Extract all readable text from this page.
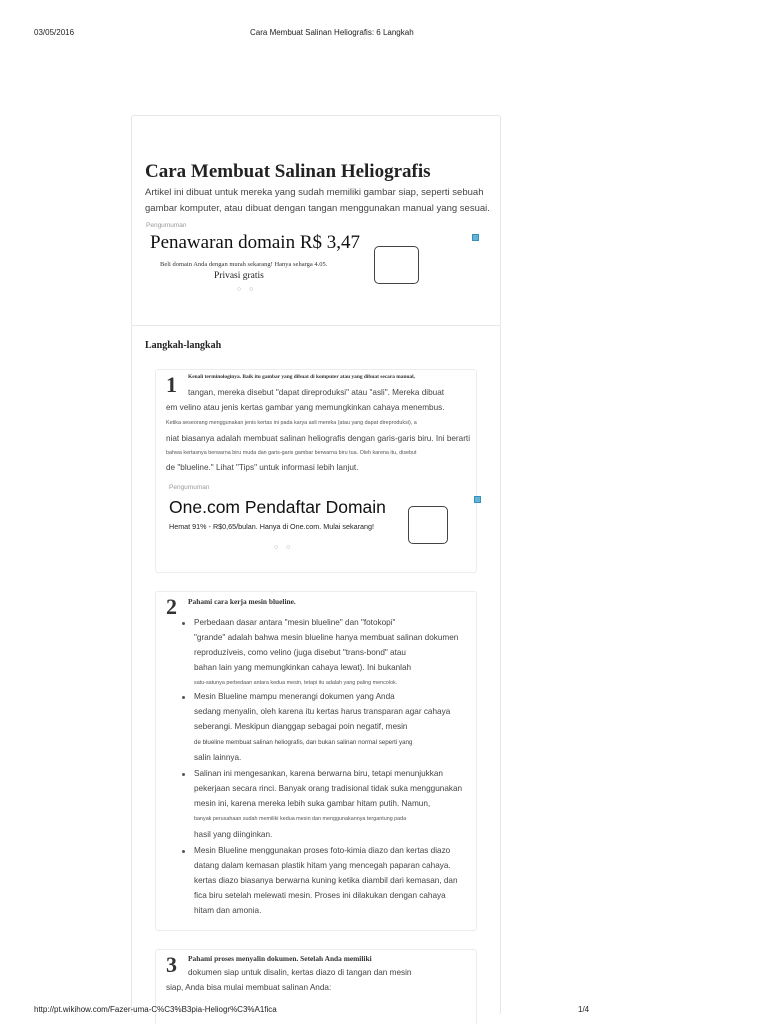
03/05/2016	Cara Membuat Salinan Heliografis: 6 Langkah
Cara Membuat Salinan Heliografis

Artikel ini dibuat untuk mereka yang sudah memiliki gambar siap, seperti sebuah gambar komputer, atau dibuat dengan tangan menggunakan manual yang sesuai.

Pengumuman
Penawaran domain R$ 3,47
Beli domain Anda dengan murah sekarang! Hanya seharga 4.05.
Privasi gratis
○ ○
Langkah-langkah
1 Kenali terminologinya. Baik itu gambar yang dibuat di komputer atau yang dibuat secara manual,
tangan, mereka disebut "dapat direproduksi" atau "asli". Mereka dibuat
em velino atau jenis kertas gambar yang memungkinkan cahaya menembus.
Ketika seseorang menggunakan jenis kertas ini pada karya asli mereka (atau yang dapat direproduksi), a
niat biasanya adalah membuat salinan heliografis dengan garis-garis biru. Ini berarti
bahwa kertasnya berwarna biru muda dan garis-garis gambar berwarna biru tua. Oleh karena itu, disebut
de "blueline." Lihat "Tips" untuk informasi lebih lanjut.
Pengumuman
One.com Pendaftar Domain
Hemat 91% - R$0,65/bulan. Hanya di One.com. Mulai sekarang!
○ ○
2 Pahami cara kerja mesin blueline.
Perbedaan dasar antara "mesin blueline" dan "fotokopi"
"grande" adalah bahwa mesin blueline hanya membuat salinan dokumen
reproduzíveis, como velino (juga disebut "trans-bond" atau
bahan lain yang memungkinkan cahaya lewat). Ini bukanlah
satu-satunya perbedaan antara kedua mesin, tetapi itu adalah yang paling mencolok.
Mesin Blueline mampu menerangi dokumen yang Anda
sedang menyalin, oleh karena itu kertas harus transparan agar cahaya
seberangi. Meskipun dianggap sebagai poin negatif, mesin
de blueline membuat salinan heliografis, dan bukan salinan normal seperti yang
salin lainnya.
Salinan ini mengesankan, karena berwarna biru, tetapi menunjukkan
pekerjaan secara rinci. Banyak orang tradisional tidak suka menggunakan
mesin ini, karena mereka lebih suka gambar hitam putih. Namun,
banyak perusahaan sudah memiliki kedua mesin dan menggunakannya tergantung pada
hasil yang diinginkan.
Mesin Blueline menggunakan proses foto-kimia diazo dan kertas diazo
datang dalam kemasan plastik hitam yang mencegah paparan cahaya.
kertas diazo biasanya berwarna kuning ketika diambil dari kemasan, dan
fica biru setelah melewati mesin. Proses ini dilakukan dengan cahaya
hitam dan amonia.
3 Pahami proses menyalin dokumen. Setelah Anda memiliki
dokumen siap untuk disalin, kertas diazo di tangan dan mesin
siap, Anda bisa mulai membuat salinan Anda:
http://pt.wikihow.com/Fazer-uma-C%C3%B3pia-Heliogr%C3%A1fica	1/4
